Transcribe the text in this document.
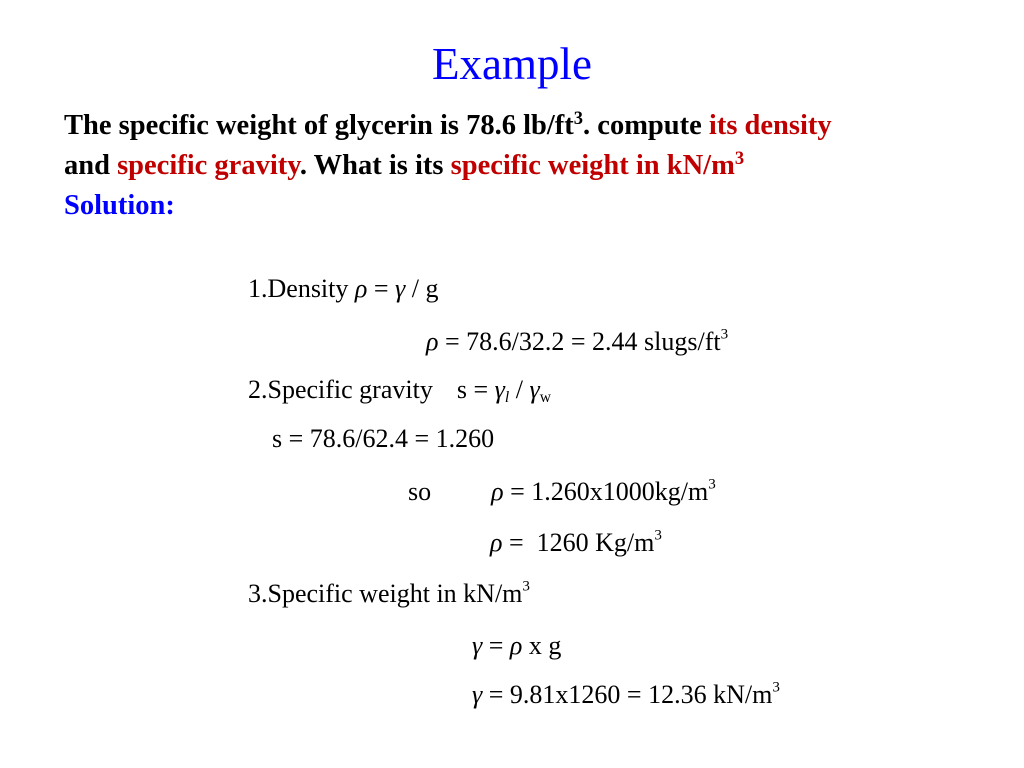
Example
The specific weight of glycerin is 78.6 $lb/ft^3$. compute its density
and specific gravity. What is its specific weight in $kN/m^3$
Solution:
1.Density ρ = γ / g
ρ = 78.6/32.2 = 2.44 slugs/$ft^3$
2.Specific gravity $s = \gamma_l / \gamma_w$
s = 78.6/62.4 = 1.260
so $\rho = 1.260x1000kg/m^3$
ρ =  1260 $Kg/m^3$
3.Specific weight in $kN/m^3$
γ = ρ x g
γ = 9.81x1260 = 12.36 $kN/m^3$
